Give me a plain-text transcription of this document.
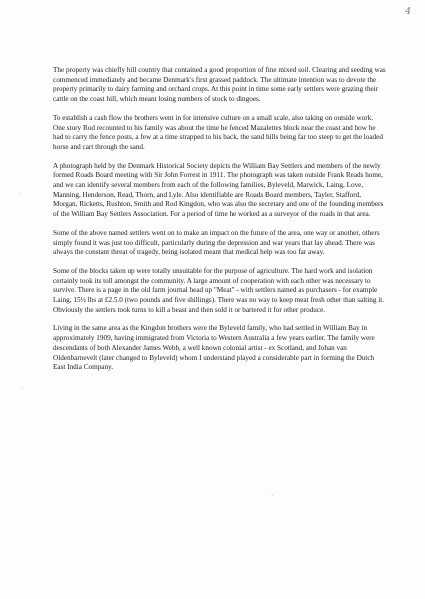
4

The property was chiefly hill country that contained a good proportion of fine mixed soil. Clearing and seeding was commenced immediately and became Denmark's first grassed paddock. The ultimate intention was to devote the property primarily to dairy farming and orchard crops. At this point in time some early settlers were grazing their cattle on the coast hill, which meant losing numbers of stock to dingoes.

To establish a cash flow the brothers went in for intensive culture on a small scale, also taking on outside work. One story Rod recounted to his family was about the time he fenced Mazalettes block near the coast and how he had to carry the fence posts, a few at a time strapped to his back, the sand hills being far too steep to get the loaded horse and cart through the sand.

A photograph held by the Denmark Historical Society depicts the William Bay Settlers and members of the newly formed Roads Board meeting with Sir John Forrest in 1911. The photograph was taken outside Frank Reads home, and we can identify several members from each of the following families, Byleveld, Marwick, Laing, Love, Manning, Henderson, Read, Thorn, and Lyle. Also identifiable are Roads Board members, Tayler, Stafford, Morgan, Ricketts, Rushton, Smith and Rod Kingdon, who was also the secretary and one of the founding members of the William Bay Settlers Association. For a period of time he worked as a surveyor of the roads in that area.

Some of the above named settlers went on to make an impact on the future of the area, one way or another, others simply found it was just too difficult, particularly during the depression and war years that lay ahead. There was always the constant threat of tragedy, being isolated meant that medical help was too far away.

Some of the blocks taken up were totally unsuitable for the purpose of agriculture. The hard work and isolation certainly took its toll amongst the community. A large amount of cooperation with each other was necessary to survive. There is a page in the old farm journal head up "Meat" - with settlers named as purchasers - for example Laing, 15½ lbs at £2.5.0 (two pounds and five shillings). There was no way to keep meat fresh other than salting it. Obviously the settlers took turns to kill a beast and then sold it or bartered it for other produce.

Living in the same area as the Kingdon brothers were the Byleveld family, who had settled in William Bay in approximately 1909, having immigrated from Victoria to Western Australia a few years earlier. The family were descendants of both Alexander James Webb, a well known colonial artist - ex Scotland, and Johan van Oldenbarnevelt (later changed to Byleveld) whom I understand played a considerable part in forming the Dutch East India Company.

·
·
·
